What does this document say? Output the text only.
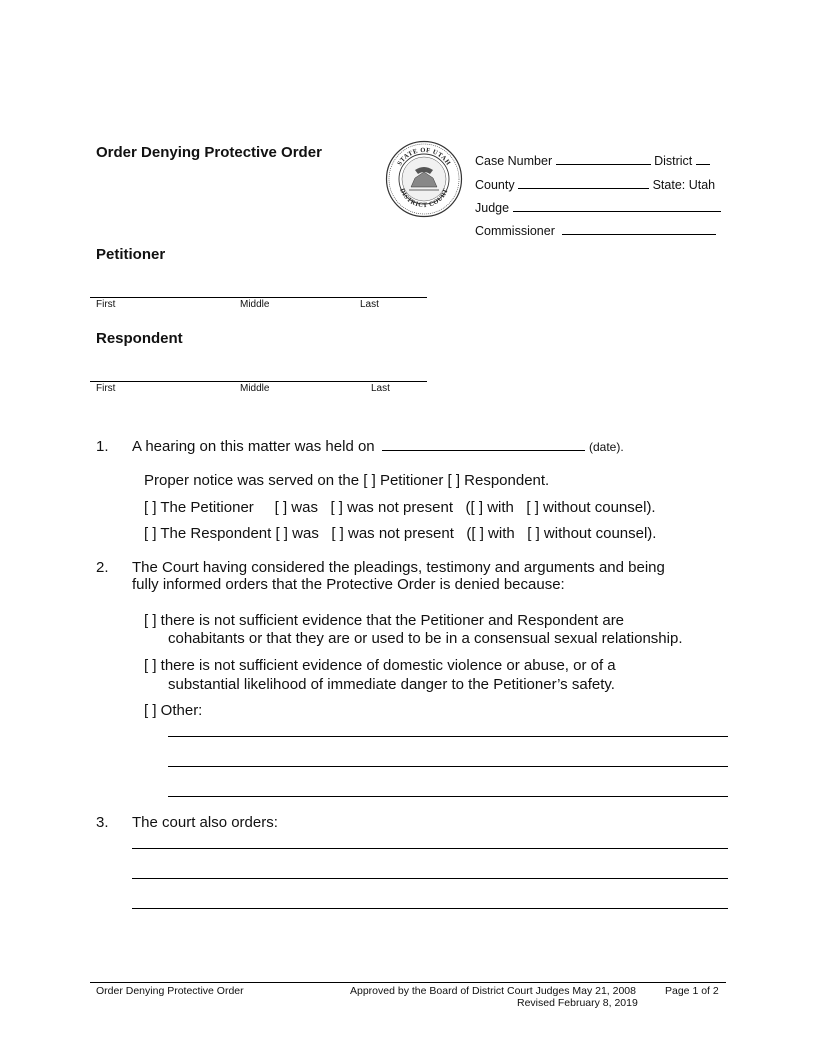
Order Denying Protective Order
STATE OF UTAH
DISTRICT COURT
Case Number	District
County	State: Utah
Judge
Commissioner
Petitioner
First	Middle	Last
Respondent
First	Middle	Last
1. A hearing on this matter was held on	(date).
Proper notice was served on the [ ] Petitioner [ ] Respondent.
[ ] The Petitioner     [ ] was   [ ] was not present   ([ ] with   [ ] without counsel).
[ ] The Respondent [ ] was   [ ] was not present   ([ ] with   [ ] without counsel).
2. The Court having considered the pleadings, testimony and arguments and being
fully informed orders that the Protective Order is denied because:
[ ] there is not sufficient evidence that the Petitioner and Respondent are
cohabitants or that they are or used to be in a consensual sexual relationship.
[ ] there is not sufficient evidence of domestic violence or abuse, or of a
substantial likelihood of immediate danger to the Petitioner’s safety.
[ ] Other:
3. The court also orders:
Order Denying Protective Order	Approved by the Board of District Court Judges May 21, 2008
Revised February 8, 2019
Page 1 of 2
